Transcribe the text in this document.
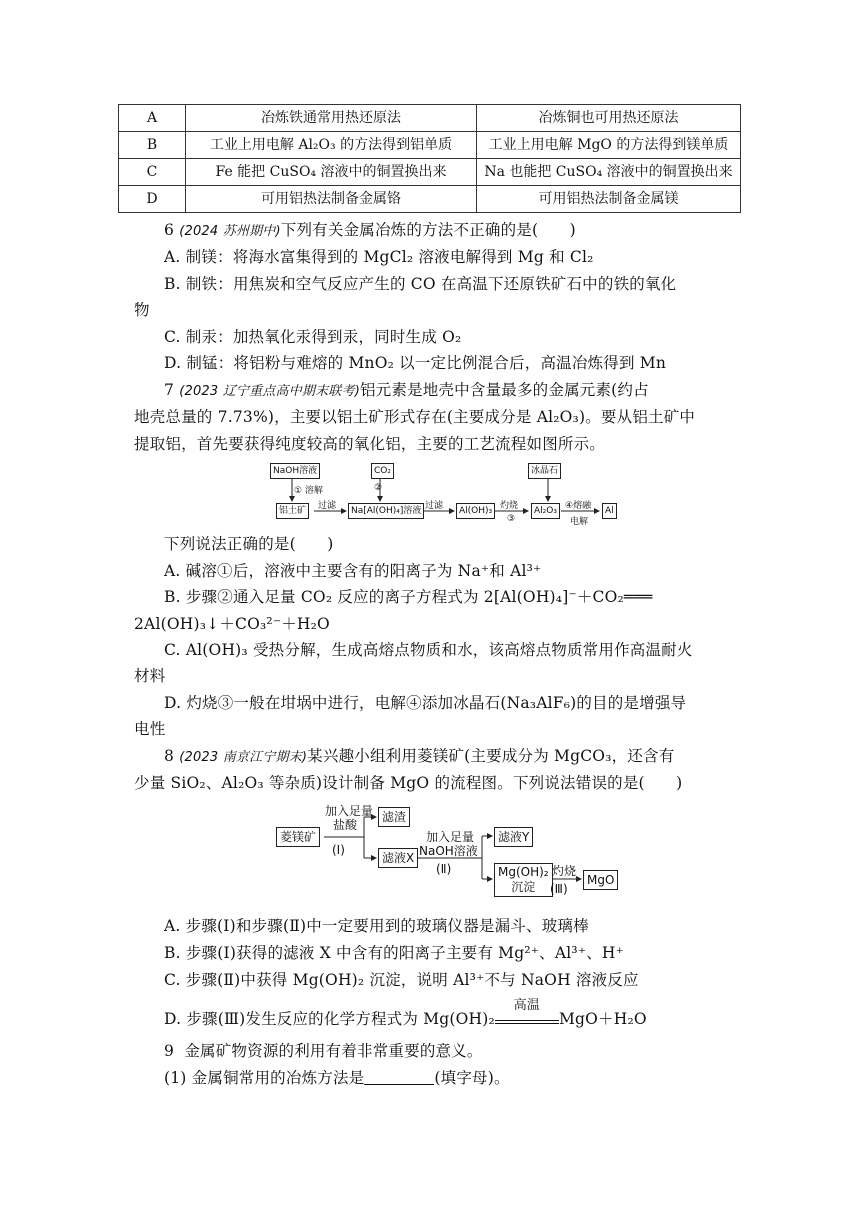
A	冶炼铁通常用热还原法	冶炼铜也可用热还原法
B	工业上用电解 Al₂O₃ 的方法得到铝单质	工业上用电解 MgO 的方法得到镁单质
C	Fe 能把 CuSO₄ 溶液中的铜置换出来	Na 也能把 CuSO₄ 溶液中的铜置换出来
D	可用铝热法制备金属铬	可用铝热法制备金属镁
6 (2024 苏州期中)下列有关金属冶炼的方法不正确的是(　　)
A. 制镁：将海水富集得到的 MgCl₂ 溶液电解得到 Mg 和 Cl₂
B. 制铁：用焦炭和空气反应产生的 CO 在高温下还原铁矿石中的铁的氧化
物
C. 制汞：加热氧化汞得到汞，同时生成 O₂
D. 制锰：将铝粉与难熔的 MnO₂ 以一定比例混合后，高温冶炼得到 Mn
7 (2023 辽宁重点高中期末联考)铝元素是地壳中含量最多的金属元素(约占
地壳总量的 7.73%)，主要以铝土矿形式存在(主要成分是 Al₂O₃)。要从铝土矿中
提取铝，首先要获得纯度较高的氧化铝，主要的工艺流程如图所示。
NaOH溶液	CO₂	冰晶石
① 溶解	②
铝土矿	过滤	Na[Al(OH)₄]溶液 过滤	Al(OH)₃ 灼烧
③
Al₂O₃ ④熔融
电解
Al
下列说法正确的是(　　)
A. 碱溶①后，溶液中主要含有的阳离子为 Na⁺和 Al³⁺
B. 步骤②通入足量 CO₂ 反应的离子方程式为 2[Al(OH)₄]⁻＋CO₂═══
2Al(OH)₃↓＋CO₃²⁻＋H₂O
C. Al(OH)₃ 受热分解，生成高熔点物质和水，该高熔点物质常用作高温耐火
材料
D. 灼烧③一般在坩埚中进行，电解④添加冰晶石(Na₃AlF₆)的目的是增强导
电性
8 (2023 南京江宁期末)某兴趣小组利用菱镁矿(主要成分为 MgCO₃，还含有
少量 SiO₂、Al₂O₃ 等杂质)设计制备 MgO 的流程图。下列说法错误的是(　　)
菱镁矿
加入足量
盐酸
(Ⅰ)
滤渣
滤液X
加入足量
NaOH溶液
(Ⅱ)
滤液Y
Mg(OH)₂
沉淀
灼烧
(Ⅲ)
MgO
A. 步骤(Ⅰ)和步骤(Ⅱ)中一定要用到的玻璃仪器是漏斗、玻璃棒
B. 步骤(Ⅰ)获得的滤液 X 中含有的阳离子主要有 Mg²⁺、Al³⁺、H⁺
C. 步骤(Ⅱ)中获得 Mg(OH)₂ 沉淀，说明 Al³⁺不与 NaOH 溶液反应
D. 步骤(Ⅲ)发生反应的化学方程式为 Mg(OH)₂
高温
MgO＋H₂O
9 金属矿物资源的利用有着非常重要的意义。
(1) 金属铜常用的冶炼方法是	(填字母)。
